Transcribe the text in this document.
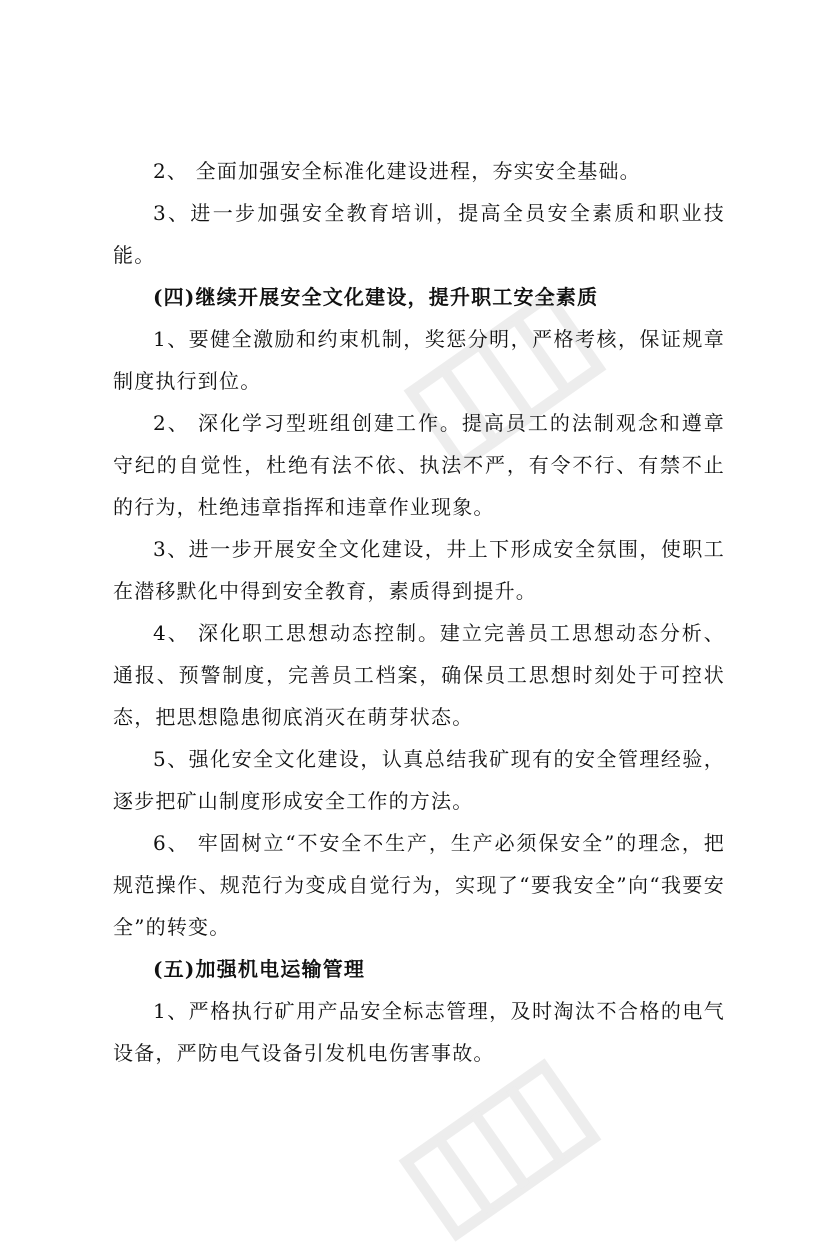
2、 全面加强安全标准化建设进程，夯实安全基础。

3、进一步加强安全教育培训，提高全员安全素质和职业技能。

(四)继续开展安全文化建设，提升职工安全素质

1、要健全激励和约束机制，奖惩分明，严格考核，保证规章制度执行到位。

2、 深化学习型班组创建工作。提高员工的法制观念和遵章守纪的自觉性，杜绝有法不依、执法不严，有令不行、有禁不止的行为，杜绝违章指挥和违章作业现象。

3、进一步开展安全文化建设，井上下形成安全氛围，使职工在潜移默化中得到安全教育，素质得到提升。

4、 深化职工思想动态控制。建立完善员工思想动态分析、通报、预警制度，完善员工档案，确保员工思想时刻处于可控状态，把思想隐患彻底消灭在萌芽状态。

5、强化安全文化建设，认真总结我矿现有的安全管理经验，逐步把矿山制度形成安全工作的方法。

6、 牢固树立“不安全不生产，生产必须保安全”的理念，把规范操作、规范行为变成自觉行为，实现了“要我安全”向“我要安全”的转变。

(五)加强机电运输管理

1、严格执行矿用产品安全标志管理，及时淘汰不合格的电气设备，严防电气设备引发机电伤害事故。
